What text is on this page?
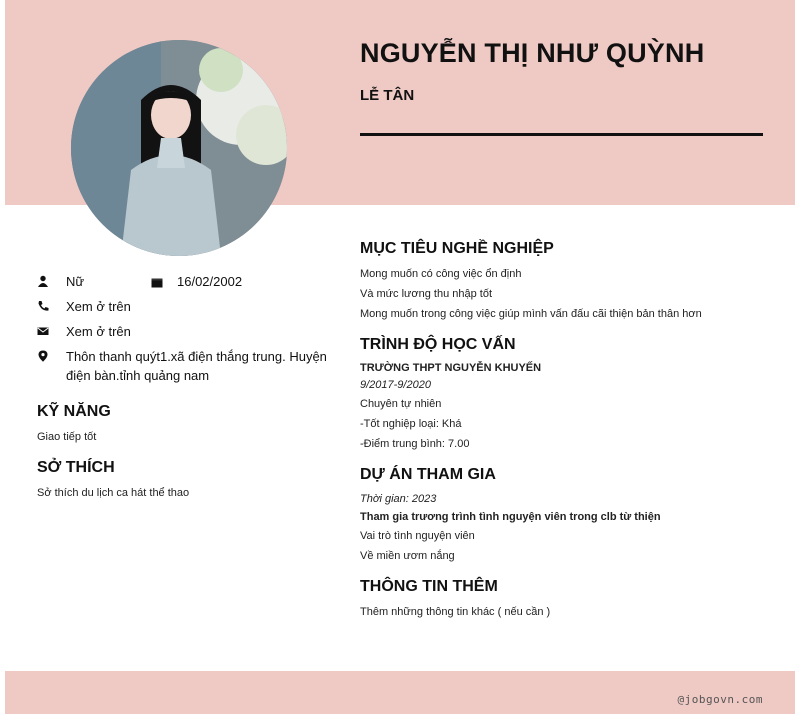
NGUYỄN THỊ NHƯ QUỲNH
LỄ TÂN
Nữ	16/02/2002
Xem ở trên
Xem ở trên
Thôn thanh quýt1.xã điện thắng trung. Huyện điện bàn.tỉnh quảng nam
KỸ NĂNG
Giao tiếp tốt
SỞ THÍCH
Sở thích du lịch ca hát thể thao
MỤC TIÊU NGHỀ NGHIỆP
Mong muốn có công việc ổn định
Và mức lương thu nhập tốt
Mong muốn trong công việc giúp mình vấn đấu cãi thiện bản thân hơn
TRÌNH ĐỘ HỌC VẤN
TRƯỜNG THPT NGUYỄN KHUYẾN
9/2017-9/2020
Chuyên tự nhiên
-Tốt nghiệp loại: Khá
-Điểm trung bình: 7.00
DỰ ÁN THAM GIA
Thời gian: 2023
Tham gia trương trình tình nguyện viên trong clb từ thiện
Vai trò tình nguyện viên
Về miền ươm nắng
THÔNG TIN THÊM
Thêm những thông tin khác ( nếu cần )
@jobgovn.com
